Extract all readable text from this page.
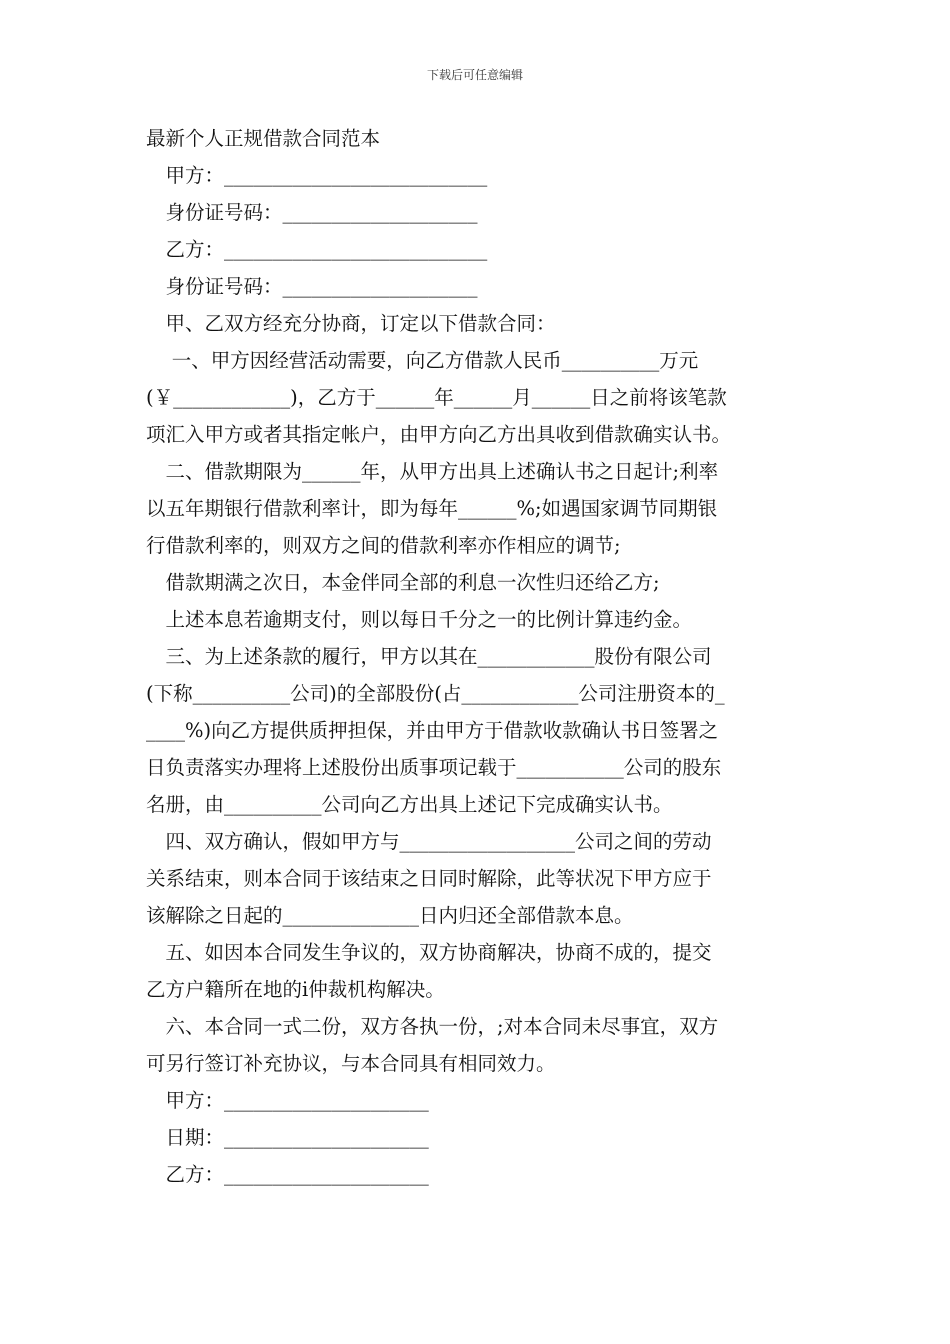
下载后可任意编辑
最新个人正规借款合同范本
　甲方：___________________________
　身份证号码：____________________
　乙方：___________________________
　身份证号码：____________________
　甲、乙双方经充分协商，订定以下借款合同：
　 一、甲方因经营活动需要，向乙方借款人民币__________万元
(￥____________)，乙方于______年______月______日之前将该笔款
项汇入甲方或者其指定帐户，由甲方向乙方出具收到借款确实认书。
　二、借款期限为______年，从甲方出具上述确认书之日起计;利率
以五年期银行借款利率计，即为每年______%;如遇国家调节同期银
行借款利率的，则双方之间的借款利率亦作相应的调节;
　借款期满之次日，本金伴同全部的利息一次性归还给乙方;
　上述本息若逾期支付，则以每日千分之一的比例计算违约金。
　三、为上述条款的履行，甲方以其在____________股份有限公司
(下称__________公司)的全部股份(占____________公司注册资本的_
____%)向乙方提供质押担保，并由甲方于借款收款确认书日签署之
日负责落实办理将上述股份出质事项记载于___________公司的股东
名册，由__________公司向乙方出具上述记下完成确实认书。
　四、双方确认，假如甲方与__________________公司之间的劳动
关系结束，则本合同于该结束之日同时解除，此等状况下甲方应于
该解除之日起的______________日内归还全部借款本息。
　五、如因本合同发生争议的，双方协商解决，协商不成的，提交
乙方户籍所在地的i仲裁机构解决。
　六、本合同一式二份，双方各执一份，;对本合同未尽事宜，双方
可另行签订补充协议，与本合同具有相同效力。
　甲方：_____________________
　日期：_____________________
　乙方：_____________________
